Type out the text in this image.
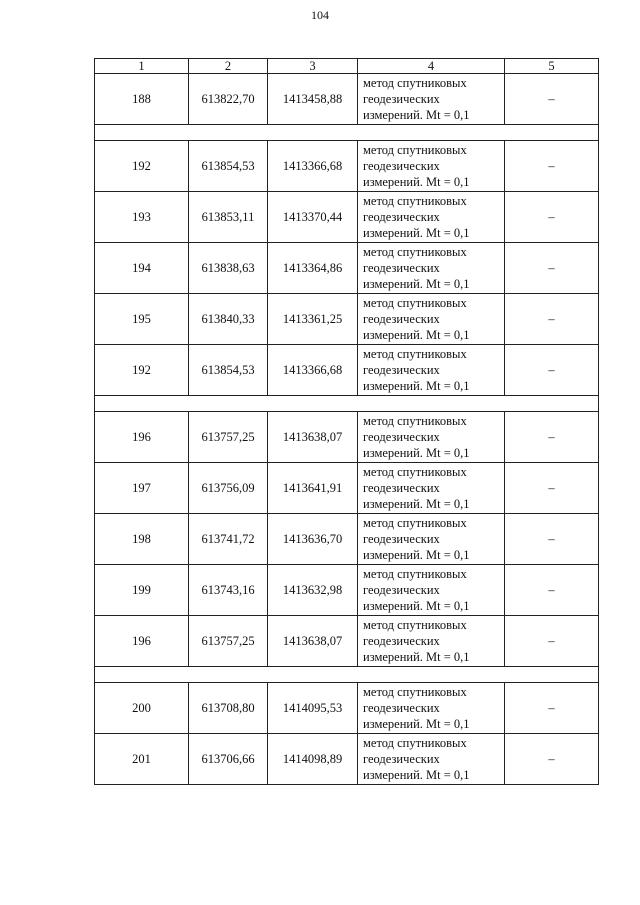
104
1	2	3	4	5
188	613822,70	1413458,88	метод спутниковых
геодезических
измерений. Mt = 0,1	–

192	613854,53	1413366,68	метод спутниковых
геодезических
измерений. Mt = 0,1	–
193	613853,11	1413370,44	метод спутниковых
геодезических
измерений. Mt = 0,1	–
194	613838,63	1413364,86	метод спутниковых
геодезических
измерений. Mt = 0,1	–
195	613840,33	1413361,25	метод спутниковых
геодезических
измерений. Mt = 0,1	–
192	613854,53	1413366,68	метод спутниковых
геодезических
измерений. Mt = 0,1	–

196	613757,25	1413638,07	метод спутниковых
геодезических
измерений. Mt = 0,1	–
197	613756,09	1413641,91	метод спутниковых
геодезических
измерений. Mt = 0,1	–
198	613741,72	1413636,70	метод спутниковых
геодезических
измерений. Mt = 0,1	–
199	613743,16	1413632,98	метод спутниковых
геодезических
измерений. Mt = 0,1	–
196	613757,25	1413638,07	метод спутниковых
геодезических
измерений. Mt = 0,1	–

200	613708,80	1414095,53	метод спутниковых
геодезических
измерений. Mt = 0,1	–
201	613706,66	1414098,89	метод спутниковых
геодезических
измерений. Mt = 0,1	–
